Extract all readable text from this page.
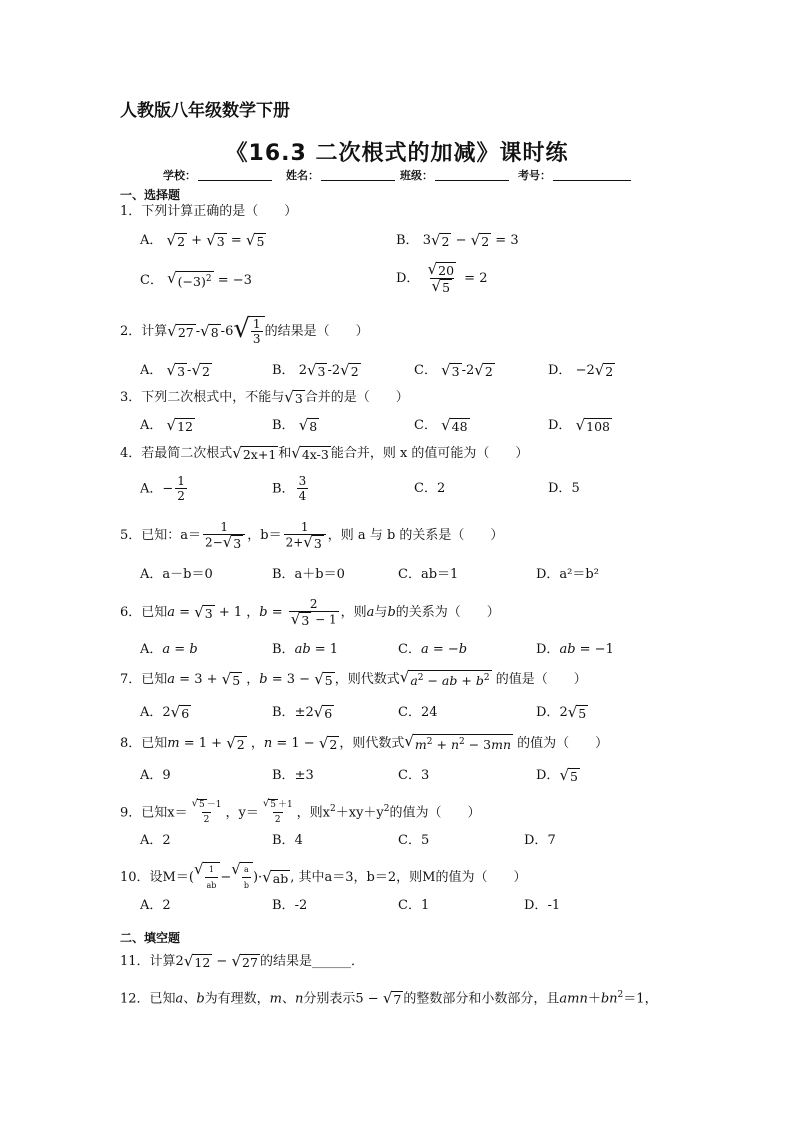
人教版八年级数学下册
《16.3 二次根式的加减》课时练
学校：	姓名：	班级：	考号：
一、选择题
1．下列计算正确的是（　　）
A． √ 2 + √ 3 = √ 5	B． 3 √ 2 − √ 2 = 3
C． √ $(-3)^2 = -3$	D． $\frac{√ 20}{√ 5} = 2$
2．计算 √ 27 - √ 8 -6 √ $\frac{1}{3}$ 的结果是（　　）
A． √ 3 - √ 2	B． 2 √ 3 -2 √ 2	C． √ 3 -2 √ 2	D． −2 √ 2
3．下列二次根式中，不能与 √ 3 合并的是（　　）
A． √ 12	B． √ 8	C． √ 48	D． √ 108
4．若最简二次根式 √ 2x+1 和 √ 4x-3 能合并，则 x 的值可能为（　　）
A．− $\frac{1}{2}$	B． $\frac{3}{4}$	C．2	D．5
5．已知：$a= \frac{1}{2- √ 3}$ ，$b= \frac{1}{2+ √ 3}$ ，则 a 与 b 的关系是（　　）
A．a－b＝0	B．a＋b＝0	C．ab＝1	D．a²＝b²
6．已知a = √ 3 + 1 ，$b = \frac{2}{√ 3 - 1}$ ，则a与b的关系为（　　）
A．a = b	B．ab = 1	C．a = −b	D．ab = −1
7．已知a = 3 + √ 5 ，b = 3 − √ 5 ，则代数式 √ $a^2$ − ab + $b^2$ 的值是（　　）
A．2 √ 6	B．±2 √ 6	C．24	D．2 √ 5
8．已知m = 1 + √ 2 ，n = 1 − √ 2 ，则代数式 √ $m^2 + n^2 - 3mn$ 的值为（　　）
A．9	B．±3	C．3	D． √ 5
9．已知$x= \frac{√ 5 -1}{2}$ ，$y= \frac{√ 5 +1}{2}$ ，则$x^2+xy+y^2$的值为（　　）
A．2	B．4	C．5	D．7
10．设M＝( √ $\frac{1}{ab}$ − √ $\frac{a}{b}$ )· √ ab , 其中a＝3，b＝2，则M的值为（　　）
A．2	B．-2	C．1	D．-1
二、填空题
11．计算2 √ 12 − √ 27 的结果是______．
12．已知a、b为有理数，m、n分别表示5 − √ 7 的整数部分和小数部分，且$amn+bn^2=1$，
